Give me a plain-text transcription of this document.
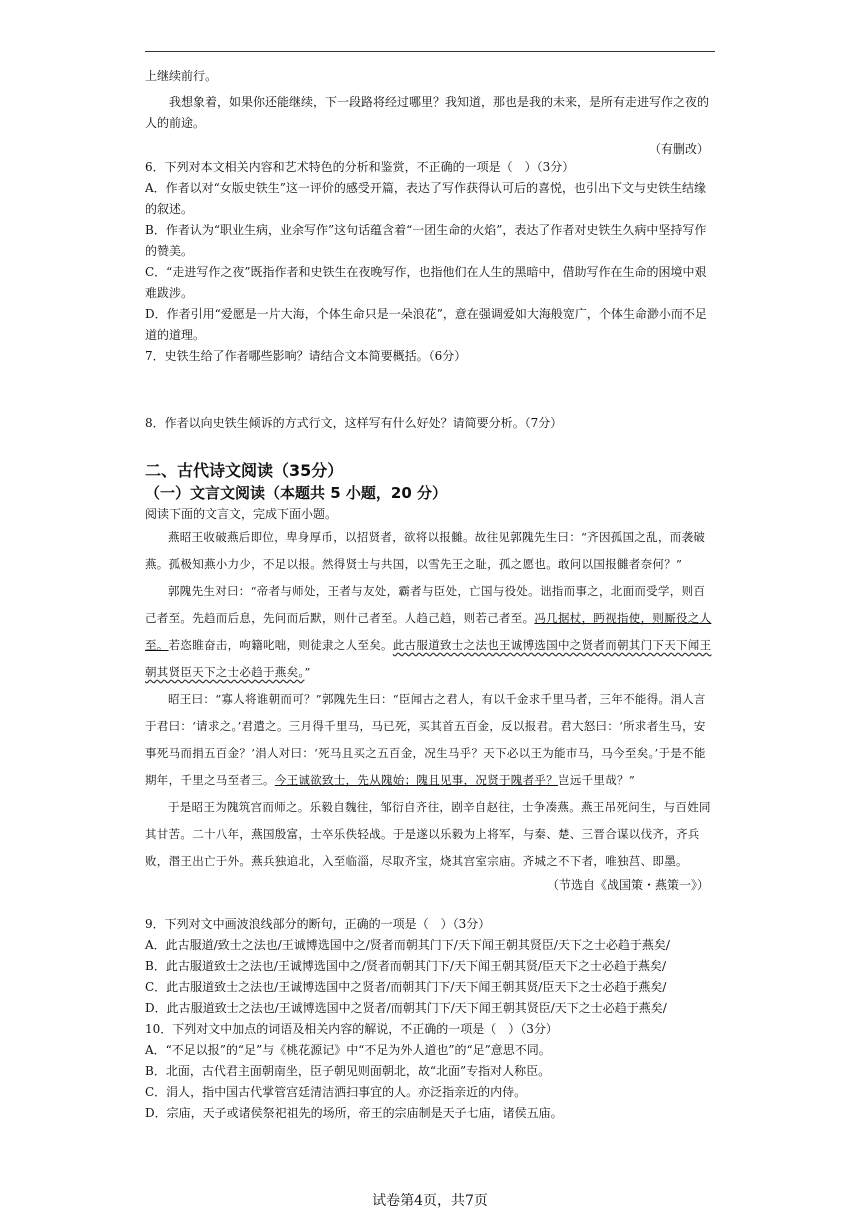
上继续前行。

我想象着，如果你还能继续，下一段路将经过哪里？我知道，那也是我的未来，是所有走进写作之夜的人的前途。

（有删改）

6．下列对本文相关内容和艺术特色的分析和鉴赏，不正确的一项是（　）（3分）

A．作者以对“女版史铁生”这一评价的感受开篇，表达了写作获得认可后的喜悦，也引出下文与史铁生结缘的叙述。

B．作者认为“职业生病，业余写作”这句话蕴含着“一团生命的火焰”，表达了作者对史铁生久病中坚持写作的赞美。

C．“走进写作之夜”既指作者和史铁生在夜晚写作，也指他们在人生的黑暗中，借助写作在生命的困境中艰难跋涉。

D．作者引用“爱愿是一片大海，个体生命只是一朵浪花”，意在强调爱如大海般宽广，个体生命渺小而不足道的道理。

7．史铁生给了作者哪些影响？请结合文本简要概括。（6分）

8．作者以向史铁生倾诉的方式行文，这样写有什么好处？请简要分析。（7分）

二、古代诗文阅读（35分）

（一）文言文阅读（本题共 5 小题，20 分）

阅读下面的文言文，完成下面小题。

燕昭王收破燕后即位，卑身厚币，以招贤者，欲将以报雠。故往见郭隗先生曰：“齐因孤国之乱，而袭破燕。孤极知燕小力少，不足以报。然得贤士与共国，以雪先王之耻，孤之愿也。敢问以国报雠者奈何？”

郭隗先生对曰：“帝者与师处，王者与友处，霸者与臣处，亡国与役处。诎指而事之，北面而受学，则百己者至。先趋而后息，先问而后默，则什己者至。人趋己趋，则若己者至。冯几据杖，眄视指使，则厮役之人至。若恣睢奋击，呴籍叱咄，则徒隶之人至矣。此古服道致士之法也王诚博选国中之贤者而朝其门下天下闻王朝其贤臣天下之士必趋于燕矣。”

昭王曰：“寡人将谁朝而可？”郭隗先生曰：“臣闻古之君人，有以千金求千里马者，三年不能得。涓人言于君曰：‘请求之。’君遣之。三月得千里马，马已死，买其首五百金，反以报君。君大怒曰：‘所求者生马，安事死马而捐五百金？’涓人对曰：‘死马且买之五百金，况生马乎？天下必以王为能市马，马今至矣。’于是不能期年，千里之马至者三。今王诚欲致士，先从隗始；隗且见事，况贤于隗者乎？岂远千里哉？”

于是昭王为隗筑宫而师之。乐毅自魏往，邹衍自齐往，剧辛自赵往，士争凑燕。燕王吊死问生，与百姓同其甘苦。二十八年，燕国殷富，士卒乐佚轻战。于是遂以乐毅为上将军，与秦、楚、三晋合谋以伐齐，齐兵败，湣王出亡于外。燕兵独追北，入至临淄，尽取齐宝，烧其宫室宗庙。齐城之不下者，唯独莒、即墨。

（节选自《战国策・燕策一》）

9．下列对文中画波浪线部分的断句，正确的一项是（　）（3分）

A．此古服道/致士之法也/王诚博选国中之/贤者而朝其门下/天下闻王朝其贤臣/天下之士必趋于燕矣/

B．此古服道致士之法也/王诚博选国中之/贤者而朝其门下/天下闻王朝其贤/臣天下之士必趋于燕矣/

C．此古服道致士之法也/王诚博选国中之贤者/而朝其门下/天下闻王朝其贤/臣天下之士必趋于燕矣/

D．此古服道致士之法也/王诚博选国中之贤者/而朝其门下/天下闻王朝其贤臣/天下之士必趋于燕矣/

10．下列对文中加点的词语及相关内容的解说，不正确的一项是（　）（3分）

A．“不足以报”的“足”与《桃花源记》中“不足为外人道也”的“足”意思不同。

B．北面，古代君主面朝南坐，臣子朝见则面朝北，故“北面”专指对人称臣。

C．涓人，指中国古代掌管宫廷清洁洒扫事宜的人。亦泛指亲近的内侍。

D．宗庙，天子或诸侯祭祀祖先的场所，帝王的宗庙制是天子七庙，诸侯五庙。

试卷第4页，共7页
